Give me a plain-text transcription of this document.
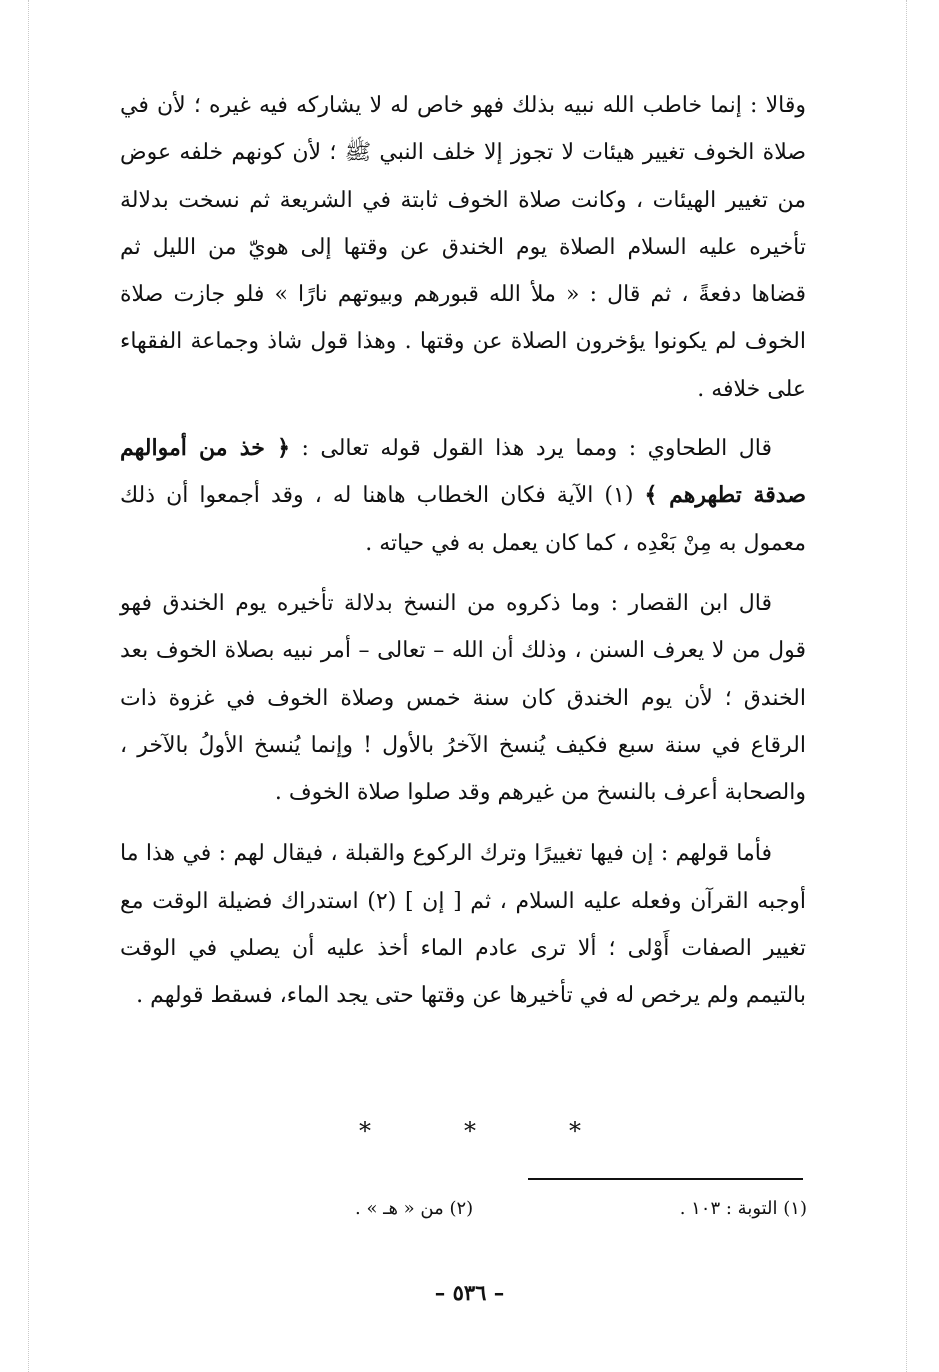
وقالا : إنما خاطب الله نبيه بذلك فهو خاص له لا يشاركه فيه غيره ؛ لأن في صلاة الخوف تغيير هيئات لا تجوز إلا خلف النبي ﷺ ؛ لأن كونهم خلفه عوض من تغيير الهيئات ، وكانت صلاة الخوف ثابتة في الشريعة ثم نسخت بدلالة تأخيره عليه السلام الصلاة يوم الخندق عن وقتها إلى هويّ من الليل ثم قضاها دفعةً ، ثم قال : « ملأ الله قبورهم وبيوتهم نارًا » فلو جازت صلاة الخوف لم يكونوا يؤخرون الصلاة عن وقتها . وهذا قول شاذ وجماعة الفقهاء على خلافه .

قال الطحاوي : ومما يرد هذا القول قوله تعالى : ﴿ خذ من أموالهم صدقة تطهرهم ﴾ (١) الآية فكان الخطاب هاهنا له ، وقد أجمعوا أن ذلك معمول به مِنْ بَعْدِه ، كما كان يعمل به في حياته .

قال ابن القصار : وما ذكروه من النسخ بدلالة تأخيره يوم الخندق فهو قول من لا يعرف السنن ، وذلك أن الله – تعالى – أمر نبيه بصلاة الخوف بعد الخندق ؛ لأن يوم الخندق كان سنة خمس وصلاة الخوف في غزوة ذات الرقاع في سنة سبع فكيف يُنسخ الآخرُ بالأول ! وإنما يُنسخ الأولُ بالآخر ، والصحابة أعرف بالنسخ من غيرهم وقد صلوا صلاة الخوف .

فأما قولهم : إن فيها تغييرًا وترك الركوع والقبلة ، فيقال لهم : في هذا ما أوجبه القرآن وفعله عليه السلام ، ثم [ إن ] (٢) استدراك فضيلة الوقت مع تغيير الصفات أَوْلى ؛ ألا ترى عادم الماء أخذ عليه أن يصلي في الوقت بالتيمم ولم يرخص له في تأخيرها عن وقتها حتى يجد الماء، فسقط قولهم .

*	*	*
(١) التوبة : ١٠٣ .
(٢) من « هـ » .
– ٥٣٦ –
